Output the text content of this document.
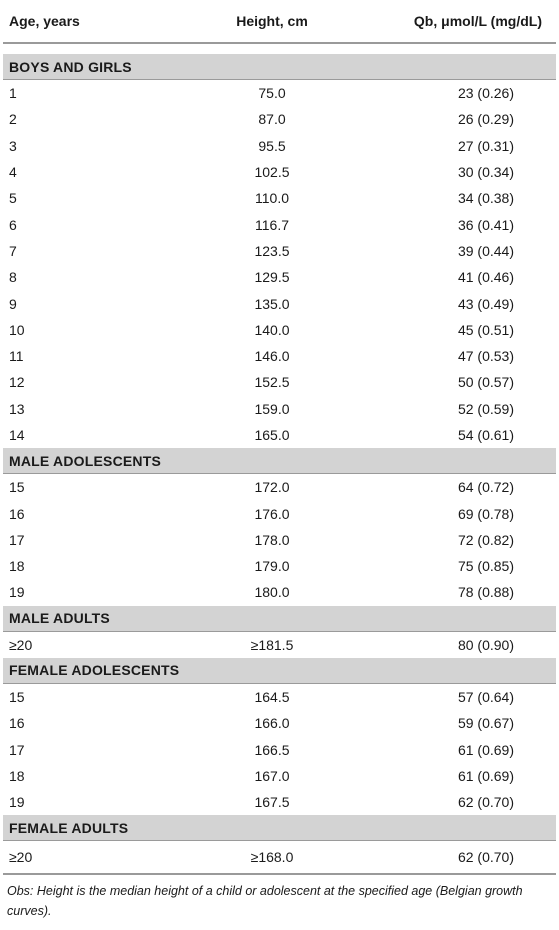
Age, years	Height, cm	Qb, μmol/L (mg/dL)

BOYS AND GIRLS		
1	75.0	23 (0.26)
2	87.0	26 (0.29)
3	95.5	27 (0.31)
4	102.5	30 (0.34)
5	110.0	34 (0.38)
6	116.7	36 (0.41)
7	123.5	39 (0.44)
8	129.5	41 (0.46)
9	135.0	43 (0.49)
10	140.0	45 (0.51)
11	146.0	47 (0.53)
12	152.5	50 (0.57)
13	159.0	52 (0.59)
14	165.0	54 (0.61)
MALE ADOLESCENTS		
15	172.0	64 (0.72)
16	176.0	69 (0.78)
17	178.0	72 (0.82)
18	179.0	75 (0.85)
19	180.0	78 (0.88)
MALE ADULTS		
≥20	≥181.5	80 (0.90)
FEMALE ADOLESCENTS		
15	164.5	57 (0.64)
16	166.0	59 (0.67)
17	166.5	61 (0.69)
18	167.0	61 (0.69)
19	167.5	62 (0.70)
FEMALE ADULTS		
≥20	≥168.0	62 (0.70)
Obs: Height is the median height of a child or adolescent at the specified age (Belgian growth curves).
